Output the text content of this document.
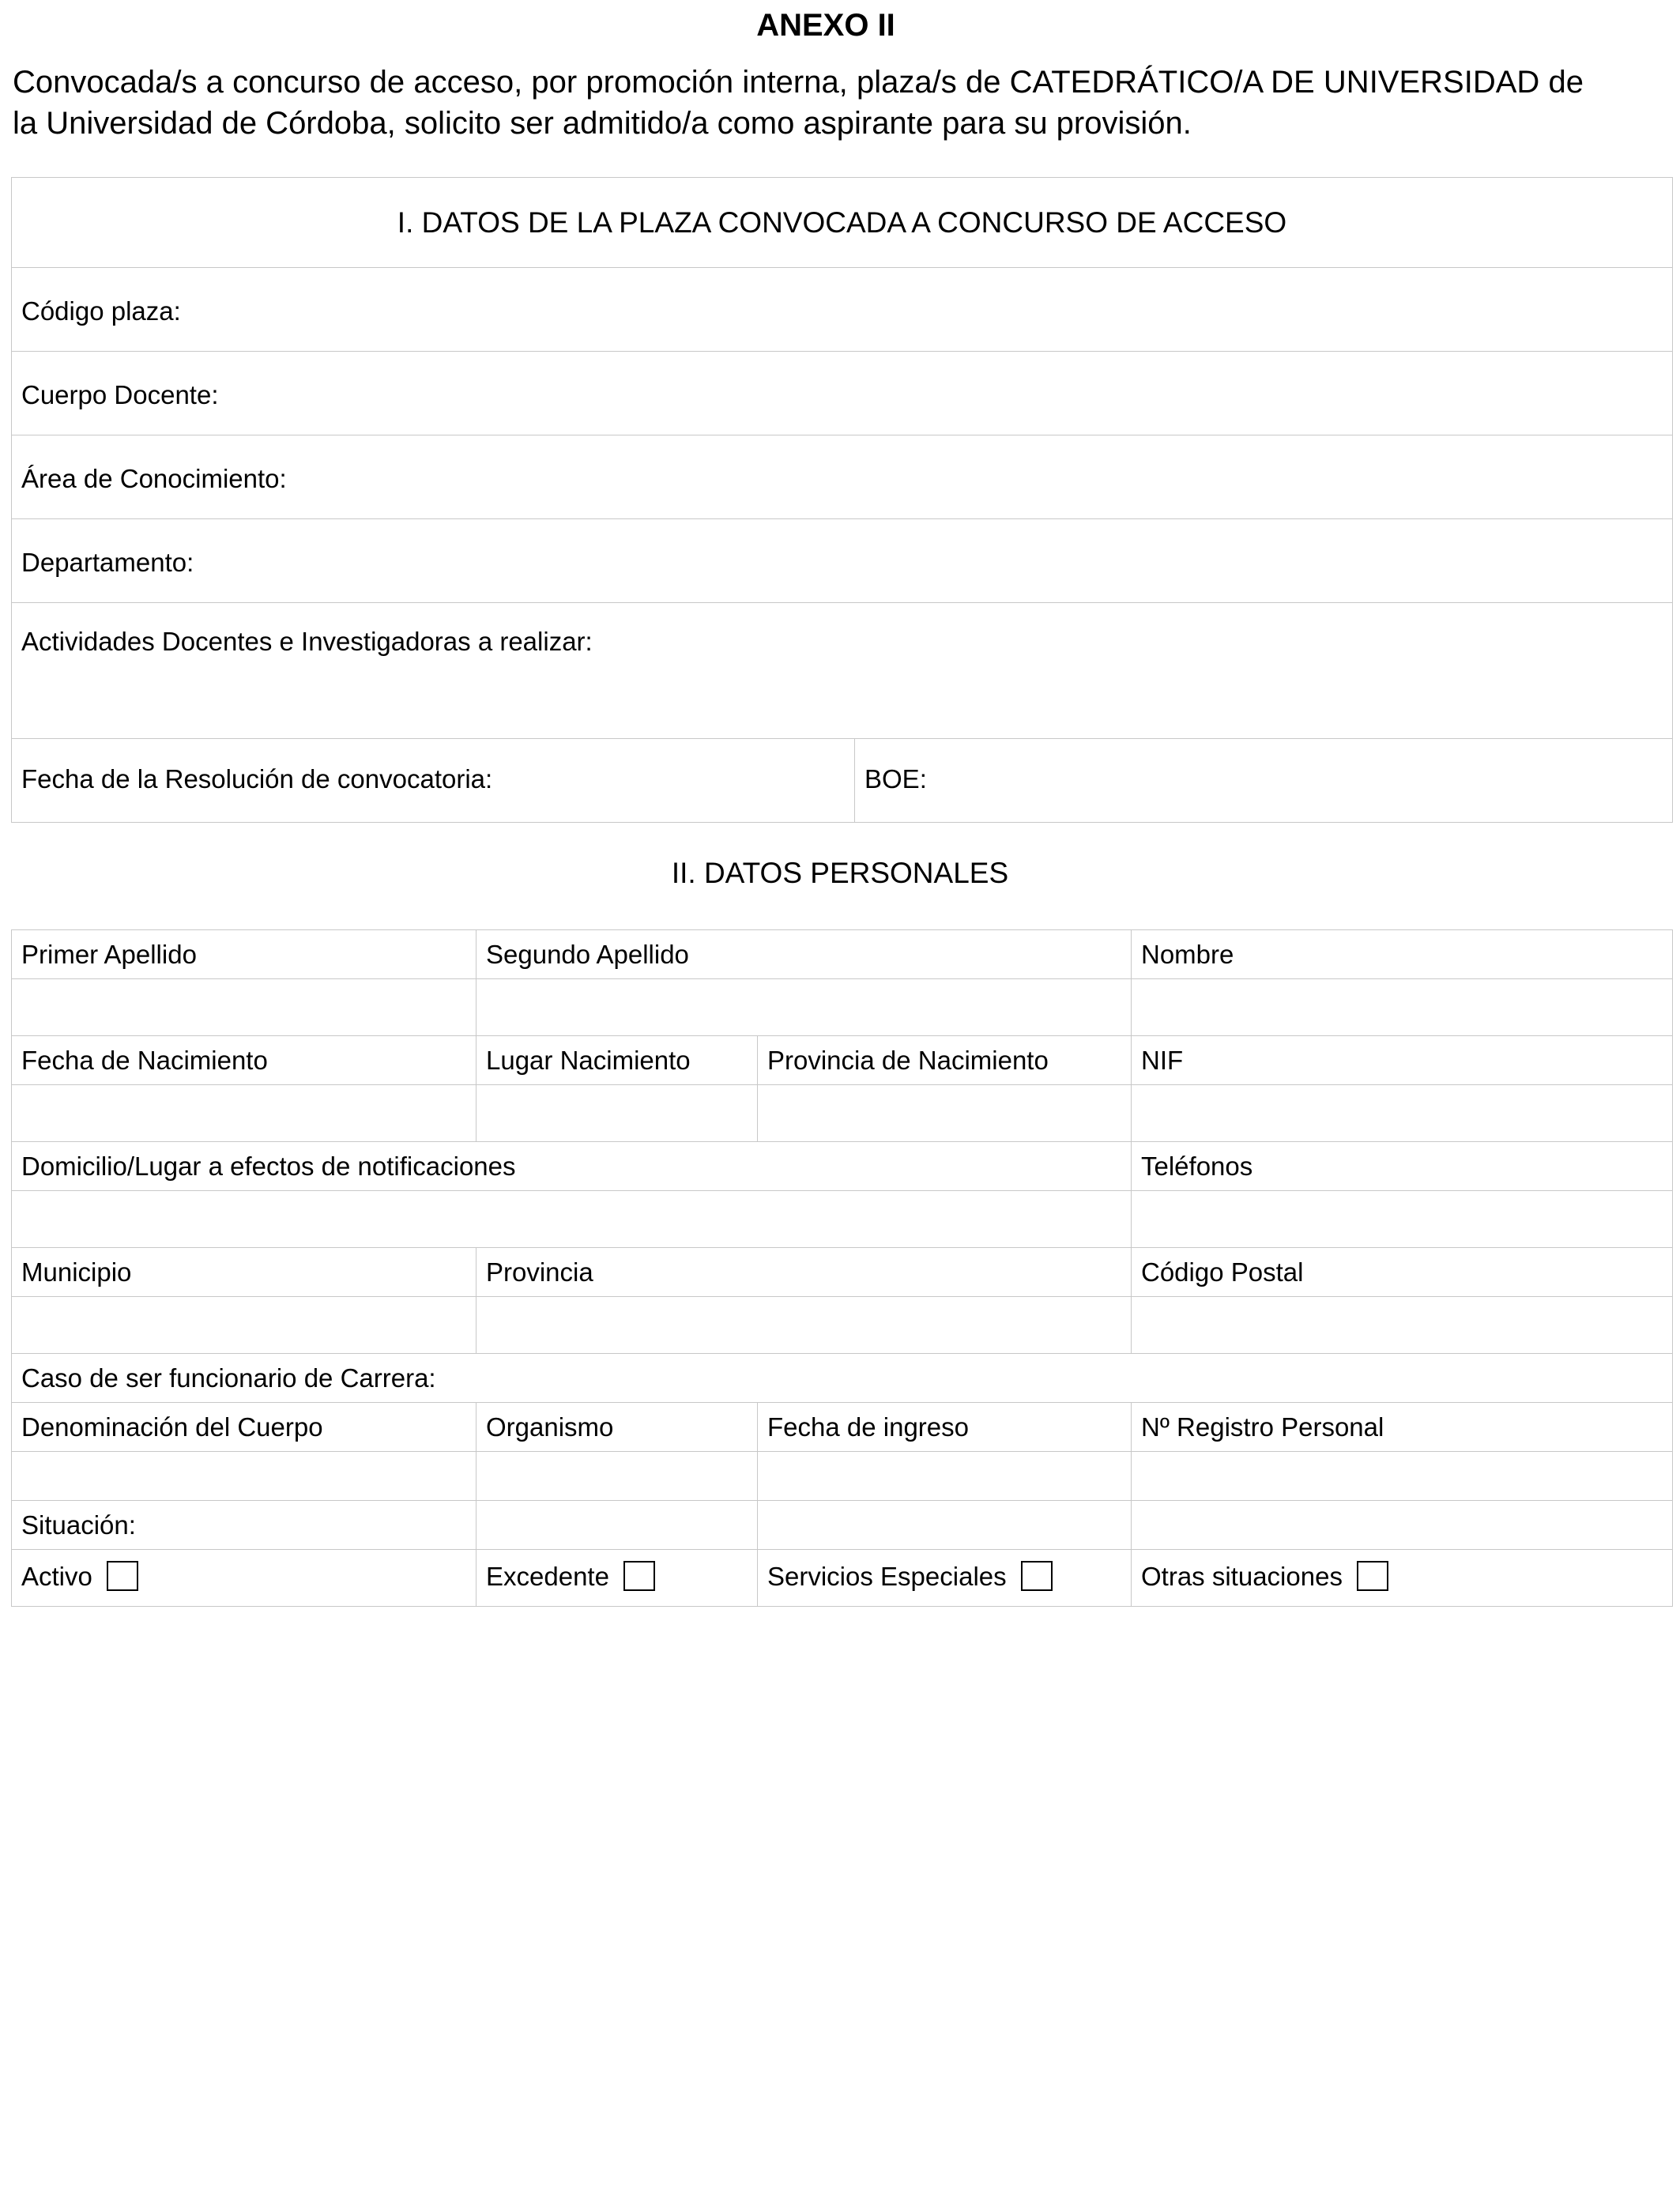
ANEXO II

Convocada/s a concurso de acceso, por promoción interna, plaza/s de CATEDRÁTICO/A DE UNIVERSIDAD de la Universidad de Córdoba, solicito ser admitido/a como aspirante para su provisión.

I. DATOS DE LA PLAZA CONVOCADA A CONCURSO DE ACCESO
Código plaza:
Cuerpo Docente:
Área de Conocimiento:
Departamento:
Actividades Docentes e Investigadoras a realizar:
Fecha de la Resolución de convocatoria:	BOE:
II. DATOS PERSONALES
Primer Apellido	Segundo Apellido		Nombre

Fecha de Nacimiento	Lugar Nacimiento	Provincia de Nacimiento	NIF

Domicilio/Lugar a efectos de notificaciones			Teléfonos

Municipio	Provincia		Código Postal

Caso de ser funcionario de Carrera:			
Denominación del Cuerpo	Organismo	Fecha de ingreso	Nº Registro Personal

Situación:			
Activo	Excedente	Servicios Especiales	Otras situaciones
